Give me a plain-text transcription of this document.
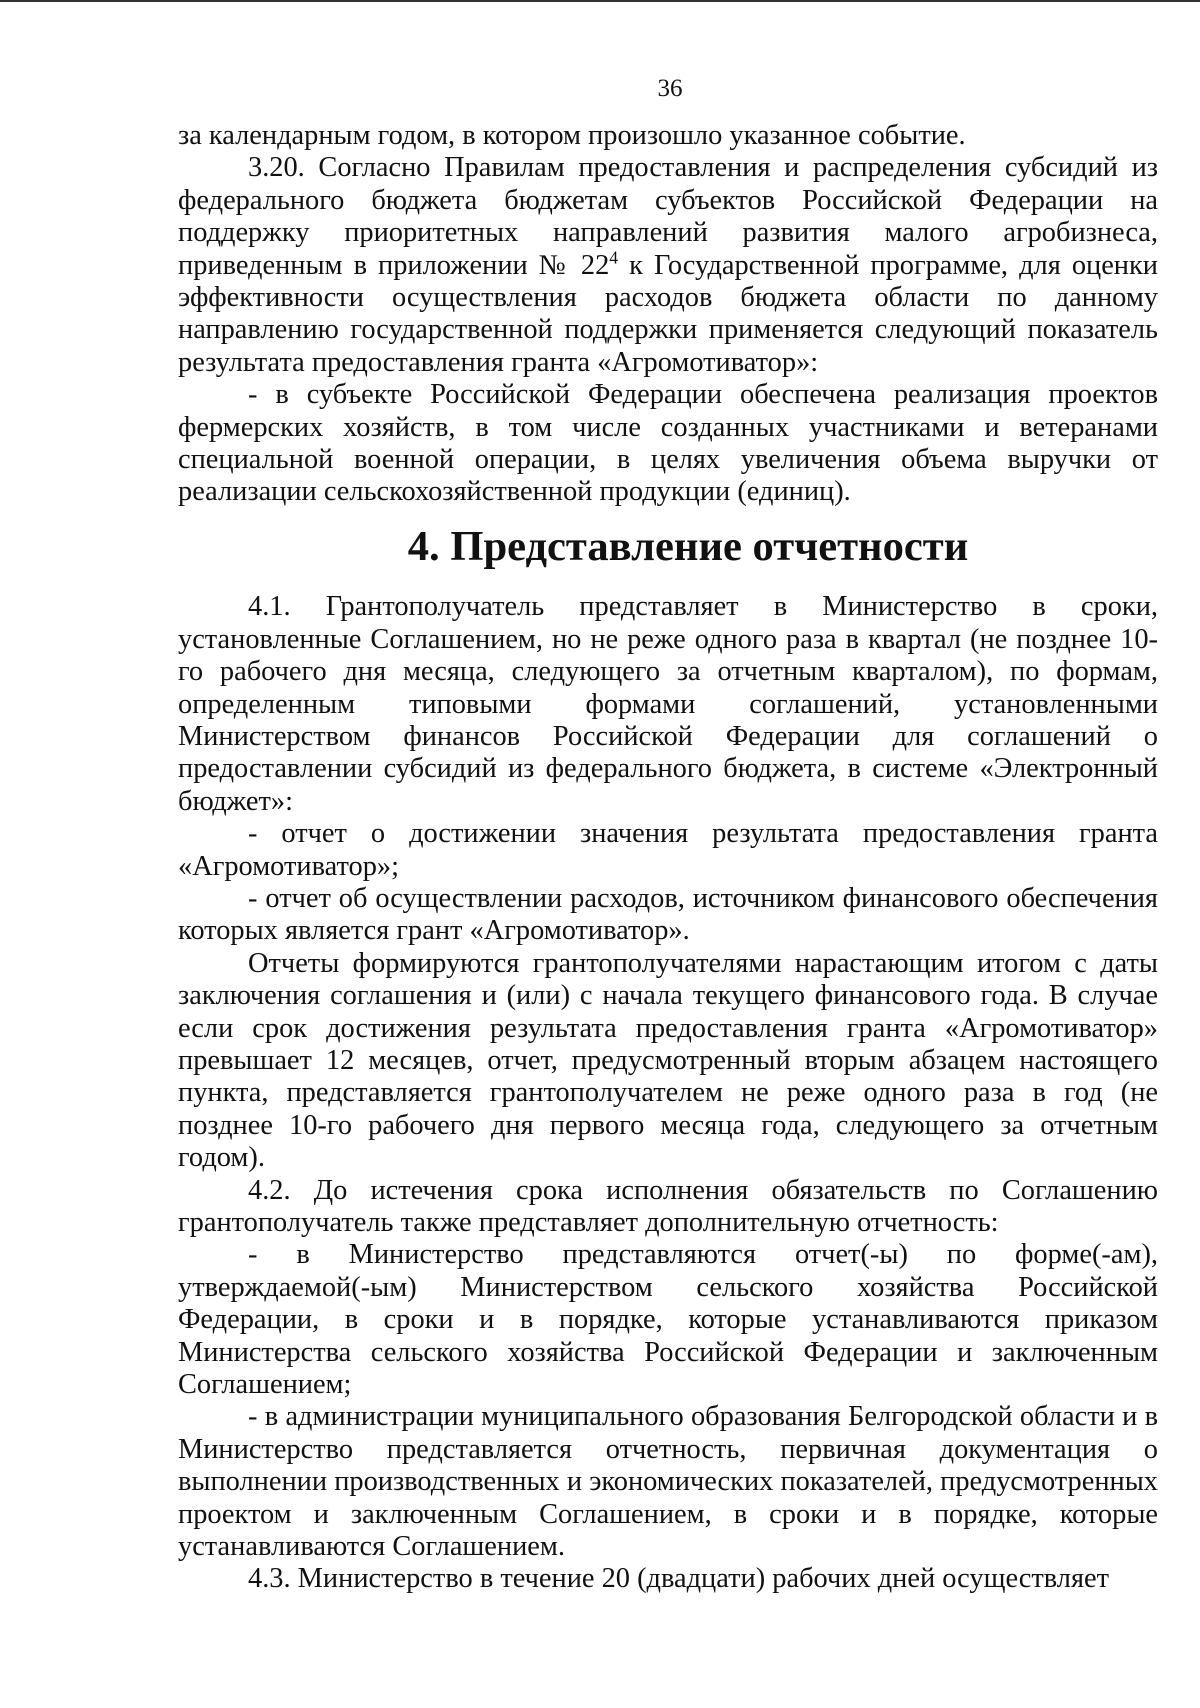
36

за календарным годом, в котором произошло указанное событие.

3.20. Согласно Правилам предоставления и распределения субсидий из федерального бюджета бюджетам субъектов Российской Федерации на поддержку приоритетных направлений развития малого агробизнеса, приведенным в приложении № $22^4$ к Государственной программе, для оценки эффективности осуществления расходов бюджета области по данному направлению государственной поддержки применяется следующий показатель результата предоставления гранта «Агромотиватор»:

- в субъекте Российской Федерации обеспечена реализация проектов фермерских хозяйств, в том числе созданных участниками и ветеранами специальной военной операции, в целях увеличения объема выручки от реализации сельскохозяйственной продукции (единиц).

4. Представление отчетности

4.1. Грантополучатель представляет в Министерство в сроки, установленные Соглашением, но не реже одного раза в квартал (не позднее 10-го рабочего дня месяца, следующего за отчетным кварталом), по формам, определенным типовыми формами соглашений, установленными Министерством финансов Российской Федерации для соглашений о предоставлении субсидий из федерального бюджета, в системе «Электронный бюджет»:

- отчет о достижении значения результата предоставления гранта «Агромотиватор»;

- отчет об осуществлении расходов, источником финансового обеспечения которых является грант «Агромотиватор».

Отчеты формируются грантополучателями нарастающим итогом с даты заключения соглашения и (или) с начала текущего финансового года. В случае если срок достижения результата предоставления гранта «Агромотиватор» превышает 12 месяцев, отчет, предусмотренный вторым абзацем настоящего пункта, представляется грантополучателем не реже одного раза в год (не позднее 10-го рабочего дня первого месяца года, следующего за отчетным годом).

4.2. До истечения срока исполнения обязательств по Соглашению грантополучатель также представляет дополнительную отчетность:

- в Министерство представляются отчет(-ы) по форме(-ам), утверждаемой(-ым) Министерством сельского хозяйства Российской Федерации, в сроки и в порядке, которые устанавливаются приказом Министерства сельского хозяйства Российской Федерации и заключенным Соглашением;

- в администрации муниципального образования Белгородской области и в Министерство представляется отчетность, первичная документация о выполнении производственных и экономических показателей, предусмотренных проектом и заключенным Соглашением, в сроки и в порядке, которые устанавливаются Соглашением.

4.3. Министерство в течение 20 (двадцати) рабочих дней осуществляет
